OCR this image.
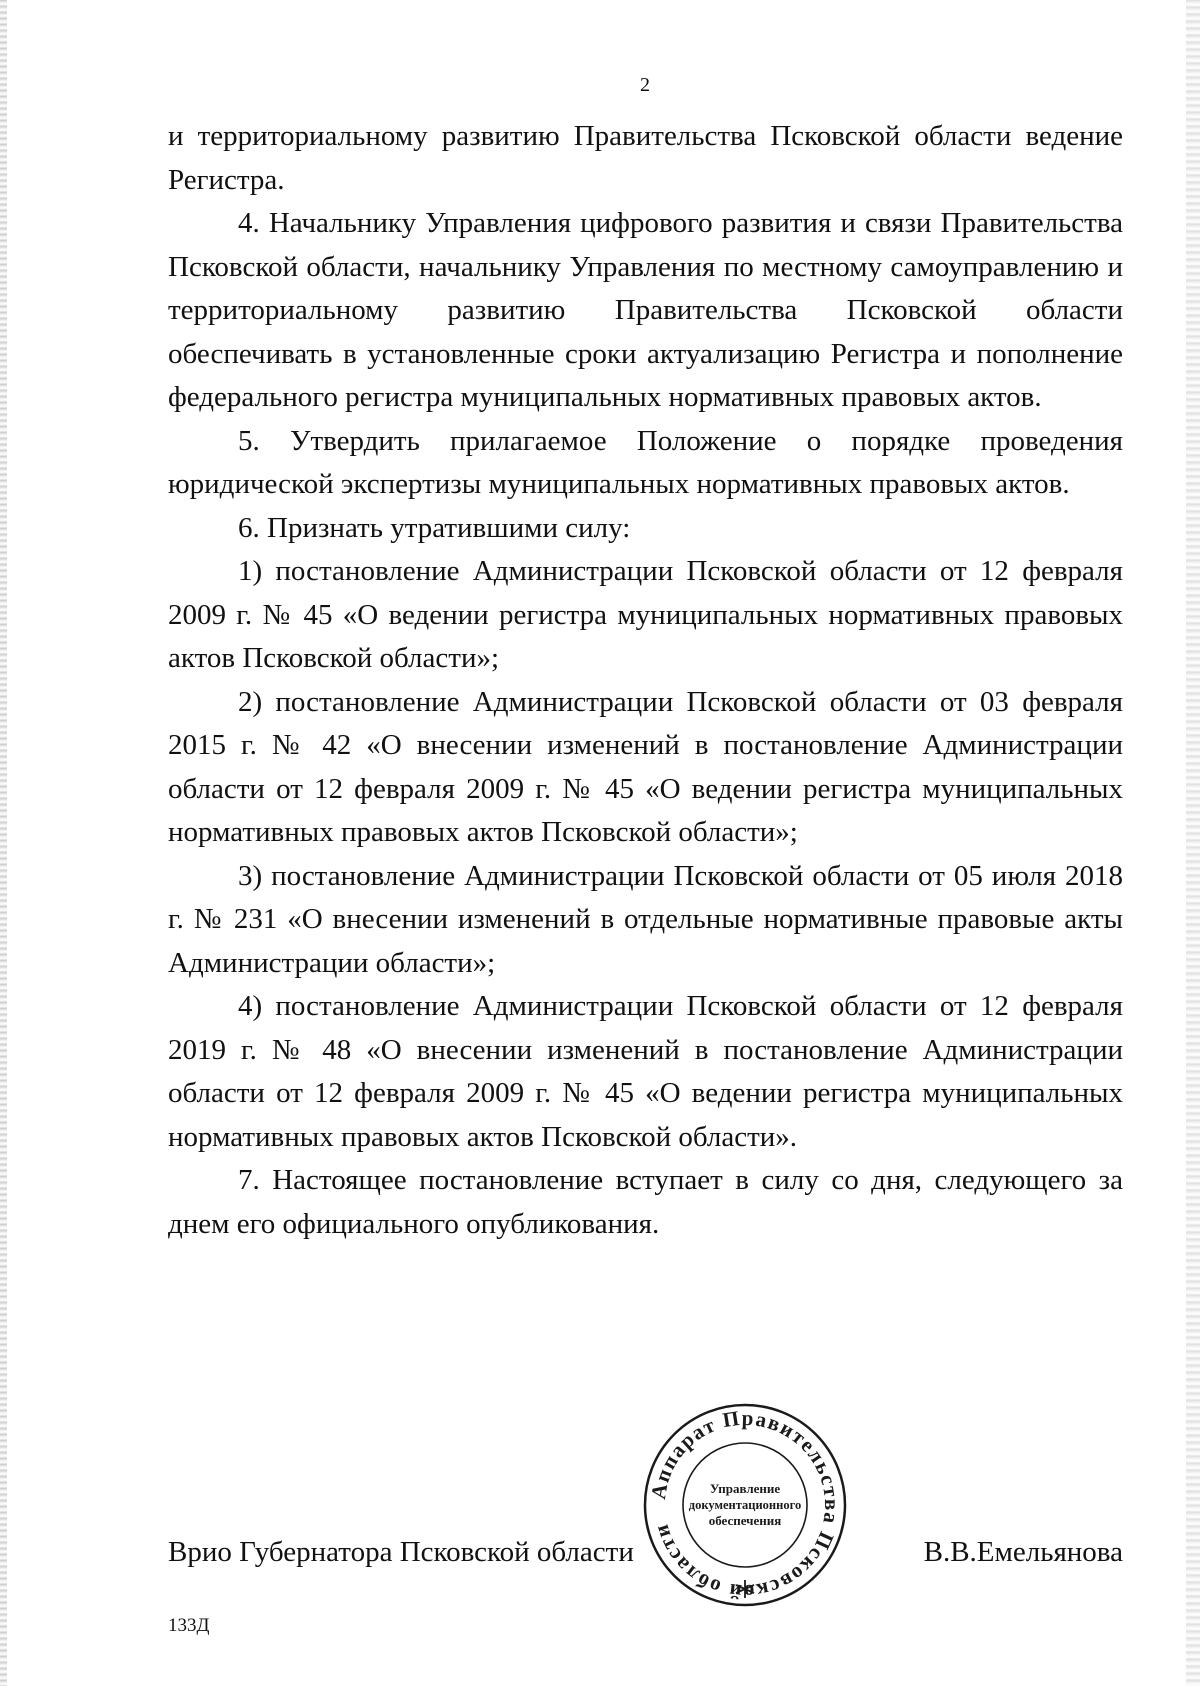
2

и территориальному развитию Правительства Псковской области ведение Регистра.

4. Начальнику Управления цифрового развития и связи Правительства Псковской области, начальнику Управления по местному самоуправлению и территориальному развитию Правительства Псковской области обеспечивать в установленные сроки актуализацию Регистра и пополнение федерального регистра муниципальных нормативных правовых актов.

5. Утвердить прилагаемое Положение о порядке проведения юридической экспертизы муниципальных нормативных правовых актов.

6. Признать утратившими силу:

1) постановление Администрации Псковской области от 12 февраля 2009 г. № 45 «О ведении регистра муниципальных нормативных правовых актов Псковской области»;

2) постановление Администрации Псковской области от 03 февраля 2015 г. № 42 «О внесении изменений в постановление Администрации области от 12 февраля 2009 г. № 45 «О ведении регистра муниципальных нормативных правовых актов Псковской области»;

3) постановление Администрации Псковской области от 05 июля 2018 г. № 231 «О внесении изменений в отдельные нормативные правовые акты Администрации области»;

4) постановление Администрации Псковской области от 12 февраля 2019 г. № 48 «О внесении изменений в постановление Администрации области от 12 февраля 2009 г. № 45 «О ведении регистра муниципальных нормативных правовых актов Псковской области».

7. Настоящее постановление вступает в силу со дня, следующего за днем его официального опубликования.

Врио Губернатора Псковской области	В.В.Емельянова
Аппарат Правительства Псковской области
Управление
документационного
обеспечения
133Д
